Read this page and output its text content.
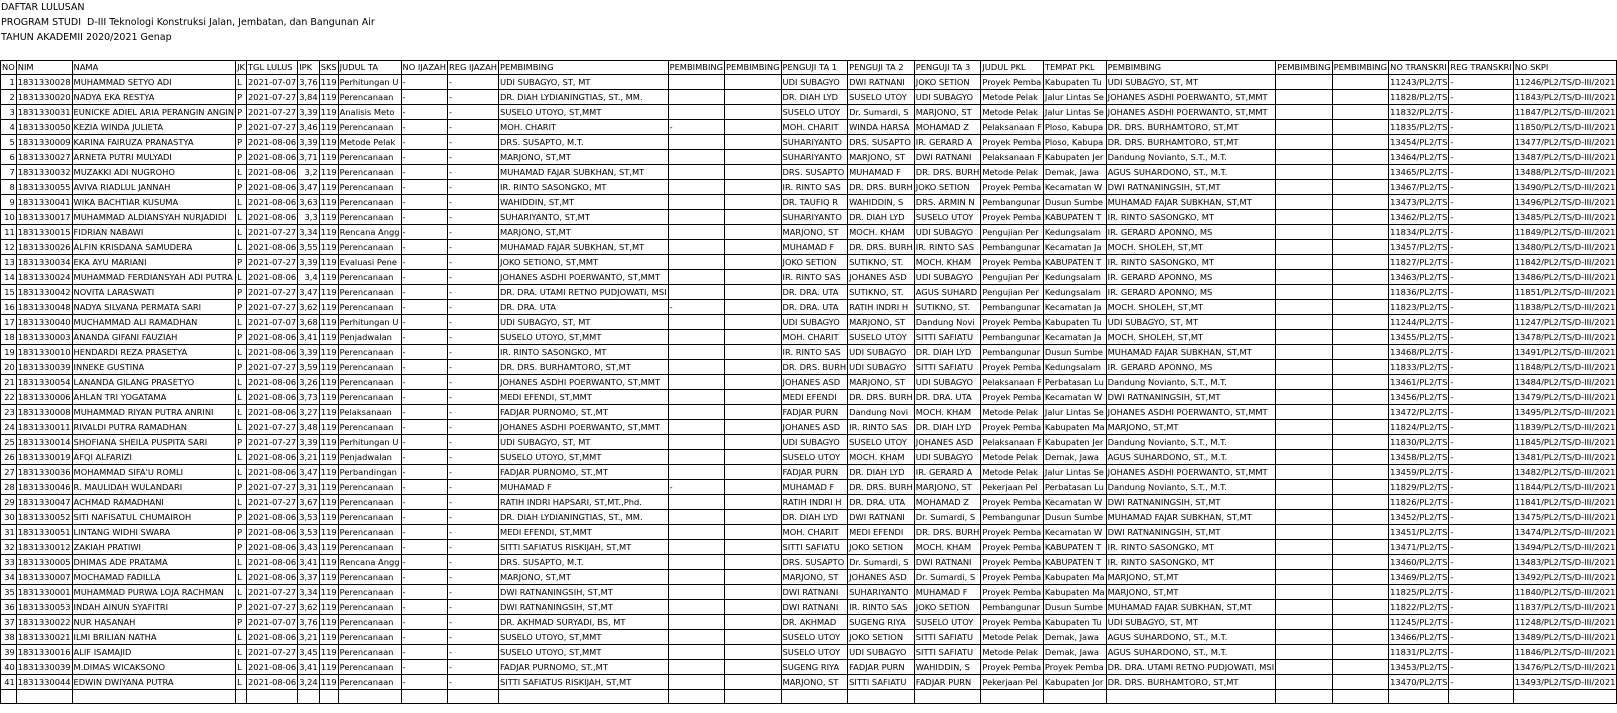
DAFTAR LULUSAN
PROGRAM STUDI  D-III Teknologi Konstruksi Jalan, Jembatan, dan Bangunan Air
TAHUN AKADEMII 2020/2021 Genap
NO	NIM	NAMA	JK	TGL LULUS	IPK	SKS	JUDUL TA	NO IJAZAH	REG IJAZAH	PEMBIMBING	PEMBIMBING	PEMBIMBING	PENGUJI TA 1	PENGUJI TA 2	PENGUJI TA 3	JUDUL PKL	TEMPAT PKL	PEMBIMBING	PEMBIMBING	PEMBIMBING	NO TRANSKRI	REG TRANSKRI	NO SKPI
1	1831330028	MUHAMMAD SETYO ADI	L	2021-07-07	3,76	119	Perhitungan U	-	-	UDI SUBAGYO, ST, MT			UDI SUBAGYO	DWI RATNANI	JOKO SETION	Proyek Pemba	Kabupaten Tu	UDI SUBAGYO, ST, MT			11243/PL2/TS	-	11246/PL2/TS/D-III/2021
2	1831330020	NADYA EKA RESTYA	P	2021-07-27	3,84	119	Perencanaan	-	-	DR. DIAH LYDIANINGTIAS, ST., MM.			DR. DIAH LYD	SUSELO UTOY	UDI SUBAGYO	Metode Pelak	Jalur Lintas Se	JOHANES ASDHI POERWANTO, ST,MMT			11828/PL2/TS	-	11843/PL2/TS/D-III/2021
3	1831330031	EUNICKE ADIEL ARIA PERANGIN ANGIN	P	2021-07-27	3,39	119	Analisis Meto	-	-	SUSELO UTOYO, ST,MMT			SUSELO UTOY	Dr. Sumardi, S	MARJONO, ST	Metode Pelak	Jalur Lintas Se	JOHANES ASDHI POERWANTO, ST,MMT			11832/PL2/TS	-	11847/PL2/TS/D-III/2021
4	1831330050	KEZIA WINDA JULIETA	P	2021-07-27	3,46	119	Perencanaan	-	-	MOH. CHARIT	-		MOH. CHARIT	WINDA HARSA	MOHAMAD Z	Pelaksanaan F	Ploso, Kabupa	DR. DRS. BURHAMTORO, ST,MT			11835/PL2/TS	-	11850/PL2/TS/D-III/2021
5	1831330009	KARINA FAIRUZA PRANASTYA	P	2021-08-06	3,39	119	Metode Pelak	-	-	DRS. SUSAPTO, M.T.			SUHARIYANTO	DRS. SUSAPTO	IR. GERARD A	Proyek Pemba	Ploso, Kabupa	DR. DRS. BURHAMTORO, ST,MT			13454/PL2/TS	-	13477/PL2/TS/D-III/2021
6	1831330027	ARNETA PUTRI MULYADI	P	2021-08-06	3,71	119	Perencanaan	-	-	MARJONO, ST,MT			SUHARIYANTO	MARJONO, ST	DWI RATNANI	Pelaksanaan F	Kabupaten Jer	Dandung Novianto, S.T., M.T.			13464/PL2/TS	-	13487/PL2/TS/D-III/2021
7	1831330032	MUZAKKI ADI NUGROHO	L	2021-08-06	3,2	119	Perencanaan	-	-	MUHAMAD FAJAR SUBKHAN, ST,MT			DRS. SUSAPTO	MUHAMAD F	DR. DRS. BURH	Metode Pelak	Demak, Jawa	AGUS SUHARDONO, ST., M.T.			13465/PL2/TS	-	13488/PL2/TS/D-III/2021
8	1831330055	AVIVA RIADLUL JANNAH	P	2021-08-06	3,47	119	Perencanaan	-	-	IR. RINTO SASONGKO, MT			IR. RINTO SAS	DR. DRS. BURH	JOKO SETION	Proyek Pemba	Kecamatan W	DWI RATNANINGSIH, ST,MT			13467/PL2/TS	-	13490/PL2/TS/D-III/2021
9	1831330041	WIKA BACHTIAR KUSUMA	L	2021-08-06	3,63	119	Perencanaan	-	-	WAHIDDIN, ST,MT			DR. TAUFIQ R	WAHIDDIN, S	DRS. ARMIN N	Pembangunar	Dusun Sumbe	MUHAMAD FAJAR SUBKHAN, ST,MT			13473/PL2/TS	-	13496/PL2/TS/D-III/2021
10	1831330017	MUHAMMAD ALDIANSYAH NURJADIDI	L	2021-08-06	3,3	119	Perencanaan	-	-	SUHARIYANTO, ST,MT			SUHARIYANTO	DR. DIAH LYD	SUSELO UTOY	Proyek Pemba	KABUPATEN T	IR. RINTO SASONGKO, MT			13462/PL2/TS	-	13485/PL2/TS/D-III/2021
11	1831330015	FIDRIAN NABAWI	L	2021-07-27	3,34	119	Rencana Angg	-	-	MARJONO, ST,MT			MARJONO, ST	MOCH. KHAM	UDI SUBAGYO	Pengujian Per	Kedungsalam	IR. GERARD APONNO, MS			11834/PL2/TS	-	11849/PL2/TS/D-III/2021
12	1831330026	ALFIN KRISDANA SAMUDERA	L	2021-08-06	3,55	119	Perencanaan	-	-	MUHAMAD FAJAR SUBKHAN, ST,MT			MUHAMAD F	DR. DRS. BURH	IR. RINTO SAS	Pembangunar	Kecamatan Ja	MOCH. SHOLEH, ST,MT			13457/PL2/TS	-	13480/PL2/TS/D-III/2021
13	1831330034	EKA AYU MARIANI	P	2021-07-27	3,39	119	Evaluasi Pene	-	-	JOKO SETIONO, ST,MMT			JOKO SETION	SUTIKNO, ST.	MOCH. KHAM	Proyek Pemba	KABUPATEN T	IR. RINTO SASONGKO, MT			11827/PL2/TS	-	11842/PL2/TS/D-III/2021
14	1831330024	MUHAMMAD FERDIANSYAH ADI PUTRA	L	2021-08-06	3,4	119	Perencanaan	-	-	JOHANES ASDHI POERWANTO, ST,MMT			IR. RINTO SAS	JOHANES ASD	UDI SUBAGYO	Pengujian Per	Kedungsalam	IR. GERARD APONNO, MS			13463/PL2/TS	-	13486/PL2/TS/D-III/2021
15	1831330042	NOVITA LARASWATI	P	2021-07-27	3,47	119	Perencanaan	-	-	DR. DRA. UTAMI RETNO PUDJOWATI, MSI			DR. DRA. UTA	SUTIKNO, ST.	AGUS SUHARD	Pengujian Per	Kedungsalam	IR. GERARD APONNO, MS			11836/PL2/TS	-	11851/PL2/TS/D-III/2021
16	1831330048	NADYA SILVANA PERMATA SARI	P	2021-07-27	3,62	119	Perencanaan	-	-	DR. DRA. UTA	-		DR. DRA. UTA	RATIH INDRI H	SUTIKNO, ST.	Pembangunar	Kecamatan Ja	MOCH. SHOLEH, ST,MT			11823/PL2/TS	-	11838/PL2/TS/D-III/2021
17	1831330040	MUCHAMMAD ALI RAMADHAN	L	2021-07-07	3,68	119	Perhitungan U	-	-	UDI SUBAGYO, ST, MT			UDI SUBAGYO	MARJONO, ST	Dandung Novi	Proyek Pemba	Kabupaten Tu	UDI SUBAGYO, ST, MT			11244/PL2/TS	-	11247/PL2/TS/D-III/2021
18	1831330003	ANANDA GIFANI FAUZIAH	P	2021-08-06	3,41	119	Penjadwalan	-	-	SUSELO UTOYO, ST,MMT			MOH. CHARIT	SUSELO UTOY	SITTI SAFIATU	Pembangunar	Kecamatan Ja	MOCH. SHOLEH, ST,MT			13455/PL2/TS	-	13478/PL2/TS/D-III/2021
19	1831330010	HENDARDI REZA PRASETYA	L	2021-08-06	3,39	119	Perencanaan	-	-	IR. RINTO SASONGKO, MT			IR. RINTO SAS	UDI SUBAGYO	DR. DIAH LYD	Pembangunar	Dusun Sumbe	MUHAMAD FAJAR SUBKHAN, ST,MT			13468/PL2/TS	-	13491/PL2/TS/D-III/2021
20	1831330039	INNEKE GUSTINA	P	2021-07-27	3,59	119	Perencanaan	-	-	DR. DRS. BURHAMTORO, ST,MT			DR. DRS. BURH	UDI SUBAGYO	SITTI SAFIATU	Proyek Pemba	Kedungsalam	IR. GERARD APONNO, MS			11833/PL2/TS	-	11848/PL2/TS/D-III/2021
21	1831330054	LANANDA GILANG PRASETYO	L	2021-08-06	3,26	119	Perencanaan	-	-	JOHANES ASDHI POERWANTO, ST,MMT			JOHANES ASD	MARJONO, ST	UDI SUBAGYO	Pelaksanaan F	Perbatasan Lu	Dandung Novianto, S.T., M.T.			13461/PL2/TS	-	13484/PL2/TS/D-III/2021
22	1831330006	AHLAN TRI YOGATAMA	L	2021-08-06	3,73	119	Perencanaan	-	-	MEDI EFENDI, ST,MMT			MEDI EFENDI	DR. DRS. BURH	DR. DRA. UTA	Proyek Pemba	Kecamatan W	DWI RATNANINGSIH, ST,MT			13456/PL2/TS	-	13479/PL2/TS/D-III/2021
23	1831330008	MUHAMMAD RIYAN PUTRA ANRINI	L	2021-08-06	3,27	119	Pelaksanaan	-	-	FADJAR PURNOMO, ST.,MT			FADJAR PURN	Dandung Novi	MOCH. KHAM	Metode Pelak	Jalur Lintas Se	JOHANES ASDHI POERWANTO, ST,MMT			13472/PL2/TS	-	13495/PL2/TS/D-III/2021
24	1831330011	RIVALDI PUTRA RAMADHAN	L	2021-07-27	3,48	119	Perencanaan	-	-	JOHANES ASDHI POERWANTO, ST,MMT			JOHANES ASD	IR. RINTO SAS	DR. DIAH LYD	Proyek Pemba	Kabupaten Ma	MARJONO, ST,MT			11824/PL2/TS	-	11839/PL2/TS/D-III/2021
25	1831330014	SHOFIANA SHEILA PUSPITA SARI	P	2021-07-27	3,39	119	Perhitungan U	-	-	UDI SUBAGYO, ST, MT			UDI SUBAGYO	SUSELO UTOY	JOHANES ASD	Pelaksanaan F	Kabupaten Jer	Dandung Novianto, S.T., M.T.			11830/PL2/TS	-	11845/PL2/TS/D-III/2021
26	1831330019	AFQI ALFARIZI	L	2021-08-06	3,21	119	Penjadwalan	-	-	SUSELO UTOYO, ST,MMT			SUSELO UTOY	MOCH. KHAM	UDI SUBAGYO	Metode Pelak	Demak, Jawa	AGUS SUHARDONO, ST., M.T.			13458/PL2/TS	-	13481/PL2/TS/D-III/2021
27	1831330036	MOHAMMAD SIFA'U ROMLI	L	2021-08-06	3,47	119	Perbandingan	-	-	FADJAR PURNOMO, ST.,MT			FADJAR PURN	DR. DIAH LYD	IR. GERARD A	Metode Pelak	Jalur Lintas Se	JOHANES ASDHI POERWANTO, ST,MMT			13459/PL2/TS	-	13482/PL2/TS/D-III/2021
28	1831330046	R. MAULIDAH WULANDARI	P	2021-07-27	3,31	119	Perencanaan	-	-	MUHAMAD F	-		MUHAMAD F	DR. DRS. BURH	MARJONO, ST	Pekerjaan Pel	Perbatasan Lu	Dandung Novianto, S.T., M.T.			11829/PL2/TS	-	11844/PL2/TS/D-III/2021
29	1831330047	ACHMAD RAMADHANI	L	2021-07-27	3,67	119	Perencanaan	-	-	RATIH INDRI HAPSARI, ST,MT.,Phd.			RATIH INDRI H	DR. DRA. UTA	MOHAMAD Z	Proyek Pemba	Kecamatan W	DWI RATNANINGSIH, ST,MT			11826/PL2/TS	-	11841/PL2/TS/D-III/2021
30	1831330052	SITI NAFISATUL CHUMAIROH	P	2021-08-06	3,53	119	Perencanaan	-	-	DR. DIAH LYDIANINGTIAS, ST., MM.			DR. DIAH LYD	DWI RATNANI	Dr. Sumardi, S	Pembangunar	Dusun Sumbe	MUHAMAD FAJAR SUBKHAN, ST,MT			13452/PL2/TS	-	13475/PL2/TS/D-III/2021
31	1831330051	LINTANG WIDHI SWARA	P	2021-08-06	3,53	119	Perencanaan	-	-	MEDI EFENDI, ST,MMT			MOH. CHARIT	MEDI EFENDI	DR. DRS. BURH	Proyek Pemba	Kecamatan W	DWI RATNANINGSIH, ST,MT			13451/PL2/TS	-	13474/PL2/TS/D-III/2021
32	1831330012	ZAKIAH PRATIWI	P	2021-08-06	3,43	119	Perencanaan	-	-	SITTI SAFIATUS RISKIJAH, ST,MT			SITTI SAFIATU	JOKO SETION	MOCH. KHAM	Proyek Pemba	KABUPATEN T	IR. RINTO SASONGKO, MT			13471/PL2/TS	-	13494/PL2/TS/D-III/2021
33	1831330005	DHIMAS ADE PRATAMA	L	2021-08-06	3,41	119	Rencana Angg	-	-	DRS. SUSAPTO, M.T.			DRS. SUSAPTO	Dr. Sumardi, S	DWI RATNANI	Proyek Pemba	KABUPATEN T	IR. RINTO SASONGKO, MT			13460/PL2/TS	-	13483/PL2/TS/D-III/2021
34	1831330007	MOCHAMAD FADILLA	L	2021-08-06	3,37	119	Perencanaan	-	-	MARJONO, ST,MT			MARJONO, ST	JOHANES ASD	Dr. Sumardi, S	Proyek Pemba	Kabupaten Ma	MARJONO, ST,MT			13469/PL2/TS	-	13492/PL2/TS/D-III/2021
35	1831330001	MUHAMMAD PURWA LOJA RACHMAN	L	2021-07-27	3,34	119	Perencanaan	-	-	DWI RATNANINGSIH, ST,MT			DWI RATNANI	SUHARIYANTO	MUHAMAD F	Proyek Pemba	Kabupaten Ma	MARJONO, ST,MT			11825/PL2/TS	-	11840/PL2/TS/D-III/2021
36	1831330053	INDAH AINUN SYAFITRI	P	2021-07-27	3,62	119	Perencanaan	-	-	DWI RATNANINGSIH, ST,MT			DWI RATNANI	IR. RINTO SAS	JOKO SETION	Pembangunar	Dusun Sumbe	MUHAMAD FAJAR SUBKHAN, ST,MT			11822/PL2/TS	-	11837/PL2/TS/D-III/2021
37	1831330022	NUR HASANAH	P	2021-07-07	3,76	119	Perencanaan	-	-	DR. AKHMAD SURYADI, BS, MT			DR. AKHMAD	SUGENG RIYA	SUSELO UTOY	Proyek Pemba	Kabupaten Tu	UDI SUBAGYO, ST, MT			11245/PL2/TS	-	11248/PL2/TS/D-III/2021
38	1831330021	ILMI BRILIAN NATHA	L	2021-08-06	3,21	119	Perencanaan	-	-	SUSELO UTOYO, ST,MMT			SUSELO UTOY	JOKO SETION	SITTI SAFIATU	Metode Pelak	Demak, Jawa	AGUS SUHARDONO, ST., M.T.			13466/PL2/TS	-	13489/PL2/TS/D-III/2021
39	1831330016	ALIF ISAMAJID	L	2021-07-27	3,45	119	Perencanaan	-	-	SUSELO UTOYO, ST,MMT			SUSELO UTOY	UDI SUBAGYO	SITTI SAFIATU	Metode Pelak	Demak, Jawa	AGUS SUHARDONO, ST., M.T.			11831/PL2/TS	-	11846/PL2/TS/D-III/2021
40	1831330039	M.DIMAS WICAKSONO	L	2021-08-06	3,41	119	Perencanaan	-	-	FADJAR PURNOMO, ST.,MT			SUGENG RIYA	FADJAR PURN	WAHIDDIN, S	Proyek Pemba	Proyek Pemba	DR. DRA. UTAMI RETNO PUDJOWATI, MSI			13453/PL2/TS	-	13476/PL2/TS/D-III/2021
41	1831330044	EDWIN DWIYANA PUTRA	L	2021-08-06	3,24	119	Perencanaan	-	-	SITTI SAFIATUS RISKIJAH, ST,MT			MARJONO, ST	SITTI SAFIATU	FADJAR PURN	Pekerjaan Pel	Kabupaten Jor	DR. DRS. BURHAMTORO, ST,MT			13470/PL2/TS	-	13493/PL2/TS/D-III/2021
